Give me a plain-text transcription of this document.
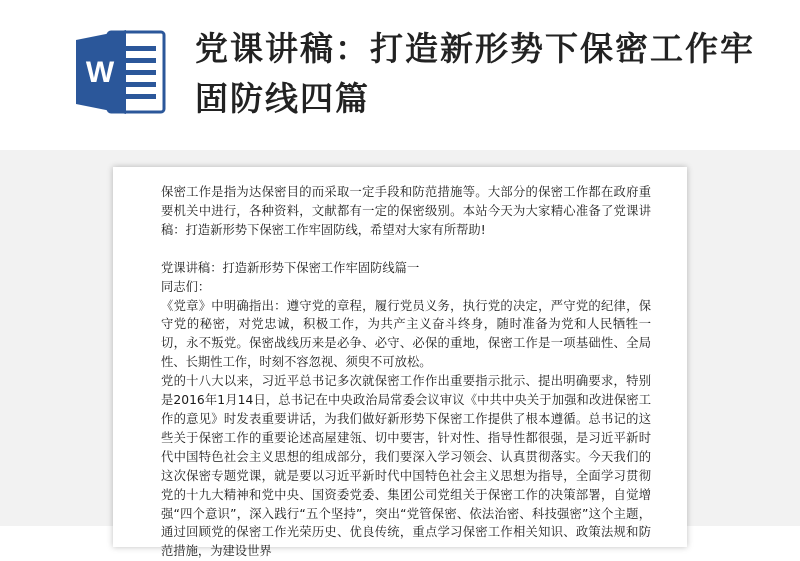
W
党课讲稿：打造新形势下保密工作牢固防线四篇

保密工作是指为达保密目的而采取一定手段和防范措施等。大部分的保密工作都在政府重要机关中进行，各种资料，文献都有一定的保密级别。本站今天为大家精心准备了党课讲稿：打造新形势下保密工作牢固防线，希望对大家有所帮助!

党课讲稿：打造新形势下保密工作牢固防线篇一

同志们：

《党章》中明确指出：遵守党的章程，履行党员义务，执行党的决定，严守党的纪律，保守党的秘密，对党忠诚，积极工作，为共产主义奋斗终身，随时准备为党和人民牺牲一切，永不叛党。保密战线历来是必争、必守、必保的重地，保密工作是一项基础性、全局性、长期性工作，时刻不容忽视、须臾不可放松。

党的十八大以来，习近平总书记多次就保密工作作出重要指示批示、提出明确要求，特别是2016年1月14日，总书记在中央政治局常委会议审议《中共中央关于加强和改进保密工作的意见》时发表重要讲话，为我们做好新形势下保密工作提供了根本遵循。总书记的这些关于保密工作的重要论述高屋建瓴、切中要害，针对性、指导性都很强，是习近平新时代中国特色社会主义思想的组成部分，我们要深入学习领会、认真贯彻落实。今天我们的这次保密专题党课，就是要以习近平新时代中国特色社会主义思想为指导，全面学习贯彻党的十九大精神和党中央、国资委党委、集团公司党组关于保密工作的决策部署，自觉增强“四个意识”，深入践行“五个坚持”，突出“党管保密、依法治密、科技强密”这个主题，通过回顾党的保密工作光荣历史、优良传统，重点学习保密工作相关知识、政策法规和防范措施，为建设世界
